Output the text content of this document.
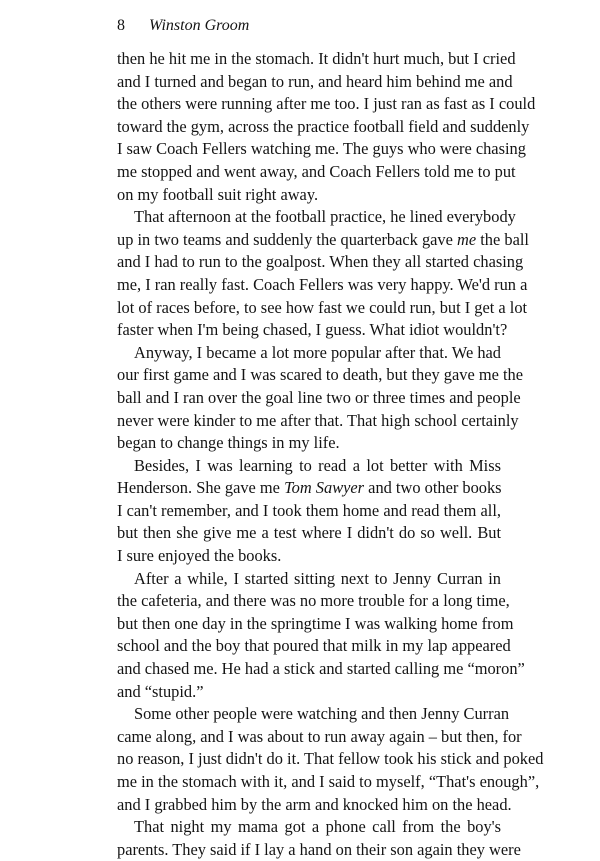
8 Winston Groom
then he hit me in the stomach. It didn't hurt much, but I cried
and I turned and began to run, and heard him behind me and
the others were running after me too. I just ran as fast as I could
toward the gym, across the practice football field and suddenly
I saw Coach Fellers watching me. The guys who were chasing
me stopped and went away, and Coach Fellers told me to put
on my football suit right away.
That afternoon at the football practice, he lined everybody
up in two teams and suddenly the quarterback gave me the ball
and I had to run to the goalpost. When they all started chasing
me, I ran really fast. Coach Fellers was very happy. We'd run a
lot of races before, to see how fast we could run, but I get a lot
faster when I'm being chased, I guess. What idiot wouldn't?
Anyway, I became a lot more popular after that. We had
our first game and I was scared to death, but they gave me the
ball and I ran over the goal line two or three times and people
never were kinder to me after that. That high school certainly
began to change things in my life.
Besides, I was learning to read a lot better with Miss
Henderson. She gave me Tom Sawyer and two other books
I can't remember, and I took them home and read them all,
but then she give me a test where I didn't do so well. But
I sure enjoyed the books.
After a while, I started sitting next to Jenny Curran in
the cafeteria, and there was no more trouble for a long time,
but then one day in the springtime I was walking home from
school and the boy that poured that milk in my lap appeared
and chased me. He had a stick and started calling me “moron”
and “stupid.”
Some other people were watching and then Jenny Curran
came along, and I was about to run away again – but then, for
no reason, I just didn't do it. That fellow took his stick and poked
me in the stomach with it, and I said to myself, “That's enough”,
and I grabbed him by the arm and knocked him on the head.
That night my mama got a phone call from the boy's
parents. They said if I lay a hand on their son again they were
